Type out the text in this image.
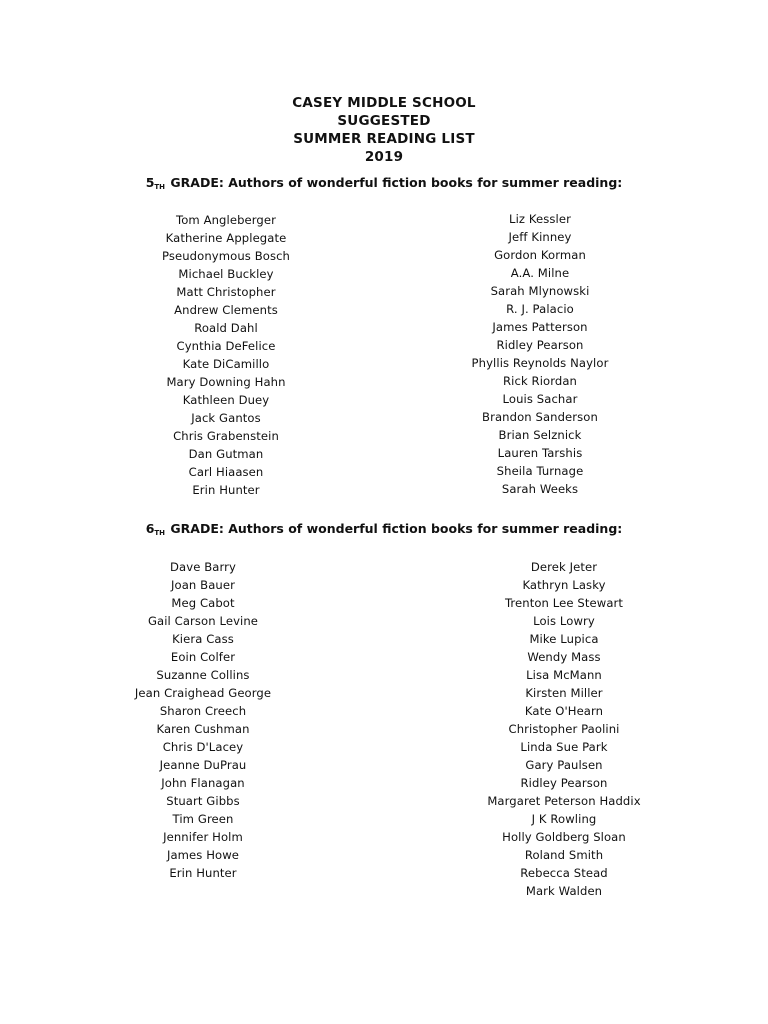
CASEY MIDDLE SCHOOL
SUGGESTED
SUMMER READING LIST
2019
$5_{TH}$ GRADE: Authors of wonderful fiction books for summer reading:
Tom Angleberger
Katherine Applegate
Pseudonymous Bosch
Michael Buckley
Matt Christopher
Andrew Clements
Roald Dahl
Cynthia DeFelice
Kate DiCamillo
Mary Downing Hahn
Kathleen Duey
Jack Gantos
Chris Grabenstein
Dan Gutman
Carl Hiaasen
Erin Hunter
Liz Kessler
Jeff Kinney
Gordon Korman
A.A. Milne
Sarah Mlynowski
R. J. Palacio
James Patterson
Ridley Pearson
Phyllis Reynolds Naylor
Rick Riordan
Louis Sachar
Brandon Sanderson
Brian Selznick
Lauren Tarshis
Sheila Turnage
Sarah Weeks
$6_{TH}$ GRADE: Authors of wonderful fiction books for summer reading:
Dave Barry
Joan Bauer
Meg Cabot
Gail Carson Levine
Kiera Cass
Eoin Colfer
Suzanne Collins
Jean Craighead George
Sharon Creech
Karen Cushman
Chris D'Lacey
Jeanne DuPrau
John Flanagan
Stuart Gibbs
Tim Green
Jennifer Holm
James Howe
Erin Hunter
Derek Jeter
Kathryn Lasky
Trenton Lee Stewart
Lois Lowry
Mike Lupica
Wendy Mass
Lisa McMann
Kirsten Miller
Kate O'Hearn
Christopher Paolini
Linda Sue Park
Gary Paulsen
Ridley Pearson
Margaret Peterson Haddix
J K Rowling
Holly Goldberg Sloan
Roland Smith
Rebecca Stead
Mark Walden
